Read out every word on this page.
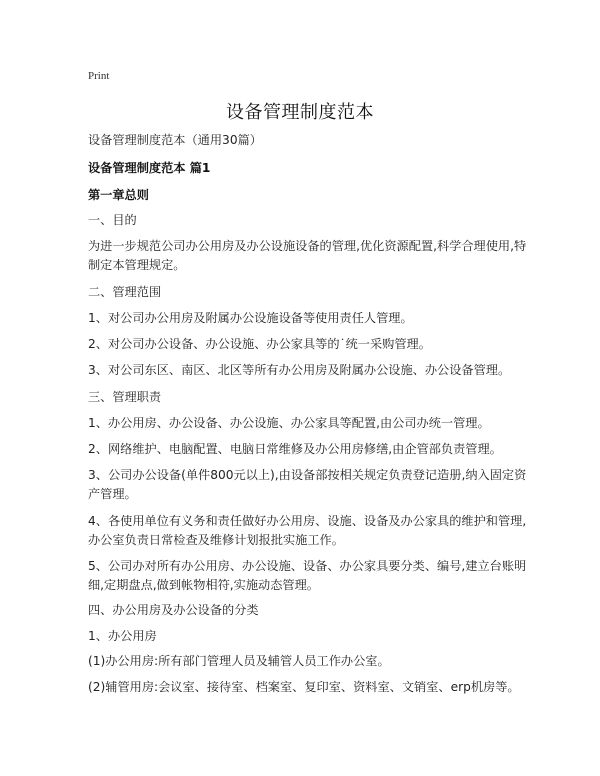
Print
设备管理制度范本

设备管理制度范本（通用30篇）

设备管理制度范本 篇1

第一章总则

一、目的

为进一步规范公司办公用房及办公设施设备的管理,优化资源配置,科学合理使用,特制定本管理规定。

二、管理范围

1、对公司办公用房及附属办公设施设备等使用责任人管理。

2、对公司办公设备、办公设施、办公家具等的˙统一采购管理。

3、对公司东区、南区、北区等所有办公用房及附属办公设施、办公设备管理。

三、管理职责

1、办公用房、办公设备、办公设施、办公家具等配置,由公司办统一管理。

2、网络维护、电脑配置、电脑日常维修及办公用房修缮,由企管部负责管理。

3、公司办公设备(单件800元以上),由设备部按相关规定负责登记造册,纳入固定资产管理。

4、各使用单位有义务和责任做好办公用房、设施、设备及办公家具的维护和管理,办公室负责日常检查及维修计划报批实施工作。

5、公司办对所有办公用房、办公设施、设备、办公家具要分类、编号,建立台账明细,定期盘点,做到帐物相符,实施动态管理。

四、办公用房及办公设备的分类

1、办公用房

(1)办公用房:所有部门管理人员及辅管人员工作办公室。

(2)辅管用房:会议室、接待室、档案室、复印室、资料室、文销室、erp机房等。
